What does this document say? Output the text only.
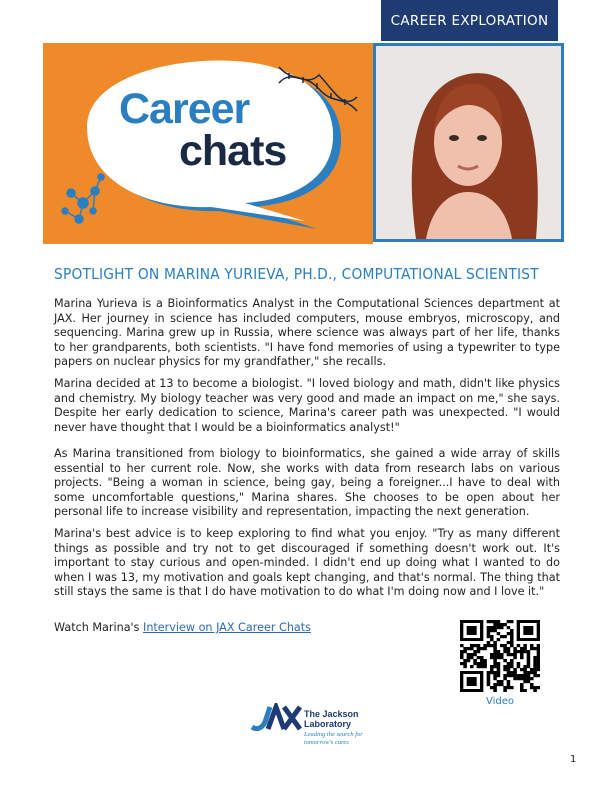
CAREER EXPLORATION
Career
chats
SPOTLIGHT ON MARINA YURIEVA, PH.D., COMPUTATIONAL SCIENTIST

Marina Yurieva is a Bioinformatics Analyst in the Computational Sciences department at JAX. Her journey in science has included computers, mouse embryos, microscopy, and sequencing. Marina grew up in Russia, where science was always part of her life, thanks to her grandparents, both scientists. "I have fond memories of using a typewriter to type papers on nuclear physics for my grandfather," she recalls.

Marina decided at 13 to become a biologist. "I loved biology and math, didn't like physics and chemistry. My biology teacher was very good and made an impact on me," she says. Despite her early dedication to science, Marina's career path was unexpected. "I would never have thought that I would be a bioinformatics analyst!"

As Marina transitioned from biology to bioinformatics, she gained a wide array of skills essential to her current role. Now, she works with data from research labs on various projects. "Being a woman in science, being gay, being a foreigner...I have to deal with some uncomfortable questions," Marina shares. She chooses to be open about her personal life to increase visibility and representation, impacting the next generation.

Marina's best advice is to keep exploring to find what you enjoy. "Try as many different things as possible and try not to get discouraged if something doesn't work out. It's important to stay curious and open-minded. I didn't end up doing what I wanted to do when I was 13, my motivation and goals kept changing, and that's normal. The thing that still stays the same is that I do have motivation to do what I'm doing now and I love it."

Watch Marina's Interview on JAX Career Chats
Video
The Jackson Laboratory
Leading the search for tomorrow's cures
1
